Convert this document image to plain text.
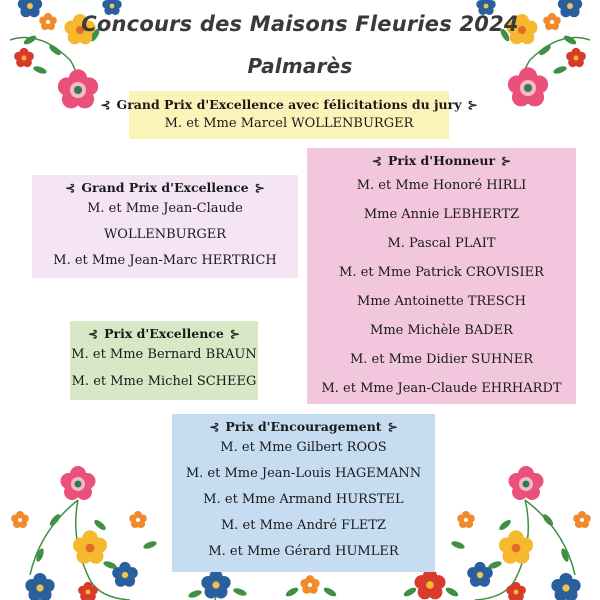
Concours des Maisons Fleuries 2024
Palmarès
⊰ Grand Prix d'Excellence avec félicitations du jury ⊱
M. et Mme Marcel WOLLENBURGER
⊰ Grand Prix d'Excellence ⊱
M. et Mme Jean-Claude
WOLLENBURGER
M. et Mme Jean-Marc HERTRICH
⊰ Prix d'Honneur ⊱
M. et Mme Honoré HIRLI
Mme Annie LEBHERTZ
M. Pascal PLAIT
M. et Mme Patrick CROVISIER
Mme Antoinette TRESCH
Mme Michèle BADER
M. et Mme Didier SUHNER
M. et Mme Jean-Claude EHRHARDT
⊰ Prix d'Excellence ⊱
M. et Mme Bernard BRAUN
M. et Mme Michel SCHEEG
⊰ Prix d'Encouragement ⊱
M. et Mme Gilbert ROOS
M. et Mme Jean-Louis HAGEMANN
M. et Mme Armand HURSTEL
M. et Mme André FLETZ
M. et Mme Gérard HUMLER
